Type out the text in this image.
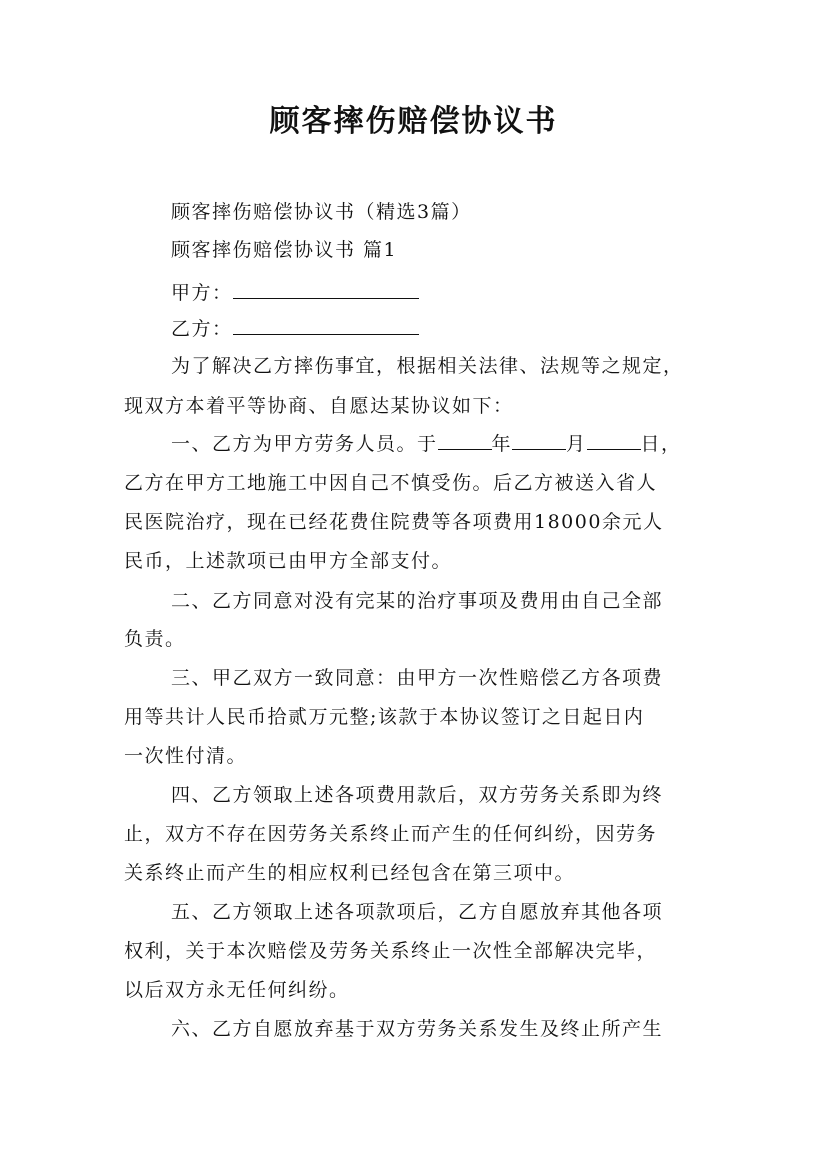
顾客摔伤赔偿协议书
顾客摔伤赔偿协议书（精选3篇）
顾客摔伤赔偿协议书 篇1
甲方：
乙方：
为了解决乙方摔伤事宜，根据相关法律、法规等之规定，
现双方本着平等协商、自愿达某协议如下：
一、乙方为甲方劳务人员。于	年	月	日，
乙方在甲方工地施工中因自己不慎受伤。后乙方被送入省人
民医院治疗，现在已经花费住院费等各项费用18000余元人
民币，上述款项已由甲方全部支付。
二、乙方同意对没有完某的治疗事项及费用由自己全部
负责。
三、甲乙双方一致同意：由甲方一次性赔偿乙方各项费
用等共计人民币拾贰万元整;该款于本协议签订之日起日内
一次性付清。
四、乙方领取上述各项费用款后，双方劳务关系即为终
止，双方不存在因劳务关系终止而产生的任何纠纷，因劳务
关系终止而产生的相应权利已经包含在第三项中。
五、乙方领取上述各项款项后，乙方自愿放弃其他各项
权利，关于本次赔偿及劳务关系终止一次性全部解决完毕，
以后双方永无任何纠纷。
六、乙方自愿放弃基于双方劳务关系发生及终止所产生
